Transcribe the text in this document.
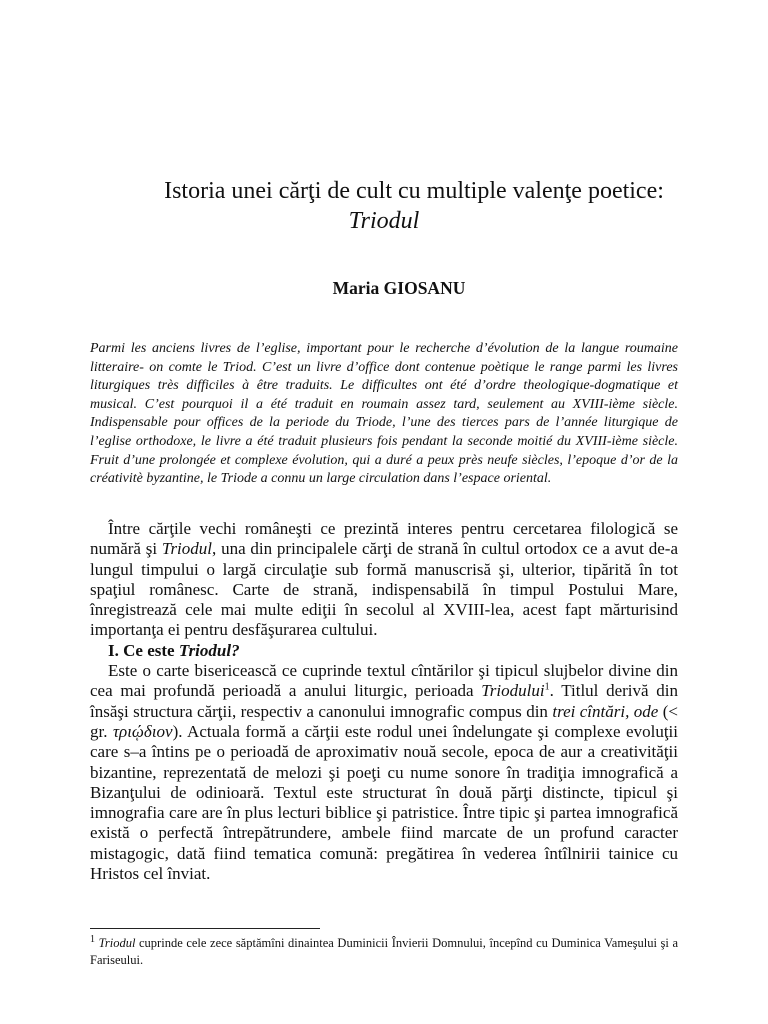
Istoria unei cărţi de cult cu multiple valenţe poetice:
Triodul
Maria GIOSANU
Parmi les anciens livres de l’eglise, important pour le recherche d’évolution de la langue roumaine litteraire- on comte le Triod. C’est un livre d’office dont contenue poètique le range parmi les livres liturgiques très difficiles à être traduits. Le difficultes ont été d’ordre theologique-dogmatique et musical. C’est pourquoi il a été traduit en roumain assez tard, seulement au XVIII-ième siècle. Indispensable pour offices de la periode du Triode, l’une des tierces pars de l’année liturgique de l’eglise orthodoxe, le livre a été traduit plusieurs fois pendant la seconde moitié du XVIII-ième siècle. Fruit d’une prolongée et complexe évolution, qui a duré a peux près neufe siècles, l’epoque d’or de la créativitè byzantine, le Triode a connu un large circulation dans l’espace oriental.

Între cărţile vechi româneşti ce prezintă interes pentru cercetarea filologică se numără şi Triodul, una din principalele cărţi de strană în cultul ortodox ce a avut de-a lungul timpului o largă circulaţie sub formă manuscrisă şi, ulterior, tipărită în tot spaţiul românesc. Carte de strană, indispensabilă în timpul Postului Mare, înregistrează cele mai multe ediţii în secolul al XVIII-lea, acest fapt mărturisind importanţa ei pentru desfăşurarea cultului.

I. Ce este Triodul?

Este o carte bisericească ce cuprinde textul cîntărilor şi tipicul slujbelor divine din cea mai profundă perioadă a anului liturgic, perioada Triodului$^1$. Titlul derivă din însăşi structura cărţii, respectiv a canonului imnografic compus din trei cîntări, ode (< gr. τριῴδιον). Actuala formă a cărţii este rodul unei îndelungate şi complexe evoluţii care s–a întins pe o perioadă de aproximativ nouă secole, epoca de aur a creativităţii bizantine, reprezentată de melozi şi poeţi cu nume sonore în tradiţia imnografică a Bizanţului de odinioară. Textul este structurat în două părţi distincte, tipicul şi imnografia care are în plus lecturi biblice şi patristice. Între tipic şi partea imnografică există o perfectă întrepătrundere, ambele fiind marcate de un profund caracter mistagogic, dată fiind tematica comună: pregătirea în vederea întîlnirii tainice cu Hristos cel înviat.

$^1$ Triodul cuprinde cele zece săptămîni dinaintea Duminicii Învierii Domnului, începînd cu Duminica Vameşului şi a Fariseului.
